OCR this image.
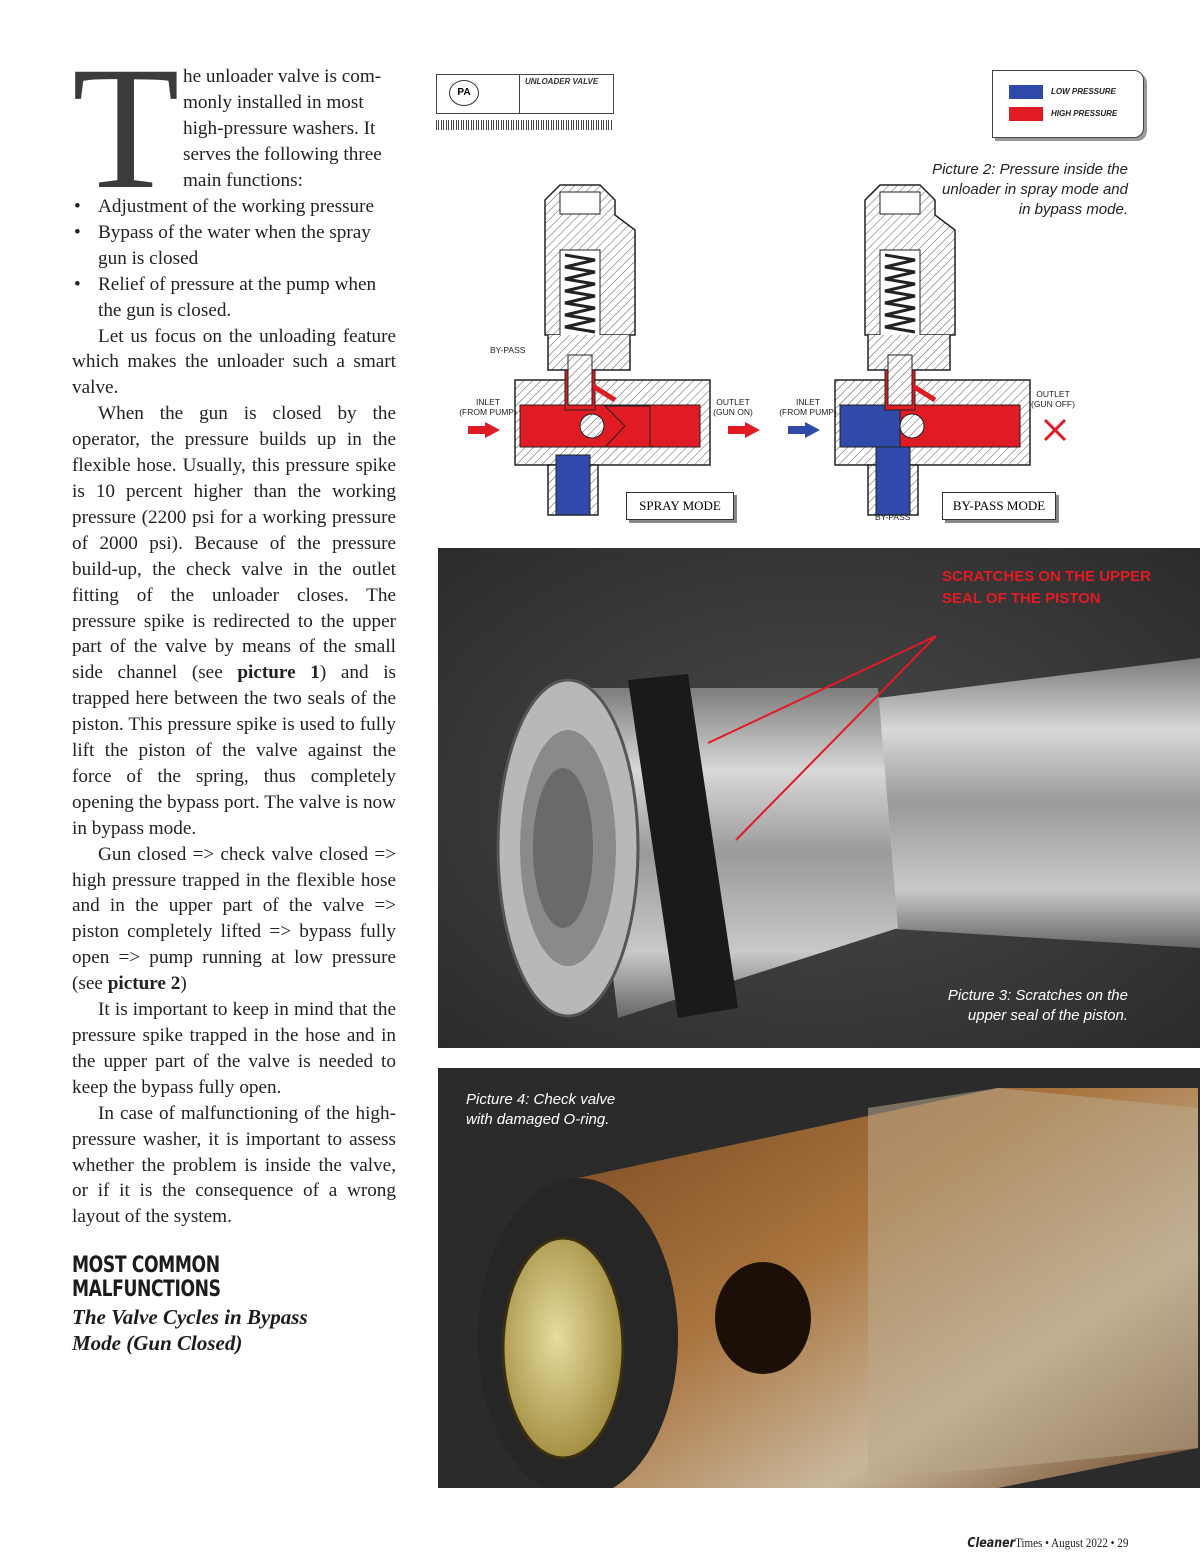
T he unloader valve is com-
monly installed in most
high-pressure washers. It
serves the following three
main functions:
• Adjustment of the working pressure
• Bypass of the water when the spray gun is closed
• Relief of pressure at the pump when the gun is closed.

Let us focus on the unloading feature which makes the unloader such a smart valve.

When the gun is closed by the operator, the pressure builds up in the flexible hose. Usually, this pressure spike is 10 percent higher than the working pressure (2200 psi for a working pressure of 2000 psi). Because of the pressure build-up, the check valve in the outlet fitting of the unloader closes. The pressure spike is redirected to the upper part of the valve by means of the small side channel (see picture 1) and is trapped here between the two seals of the piston. This pressure spike is used to fully lift the piston of the valve against the force of the spring, thus completely opening the bypass port. The valve is now in bypass mode.

Gun closed => check valve closed => high pressure trapped in the flexible hose and in the upper part of the valve => piston completely lifted => bypass fully open => pump running at low pressure (see picture 2)

It is important to keep in mind that the pressure spike trapped in the hose and in the upper part of the valve is needed to keep the bypass fully open.

In case of malfunctioning of the high-pressure washer, it is important to assess whether the problem is inside the valve, or if it is the consequence of a wrong layout of the system.

MOST COMMON
MALFUNCTIONS
The Valve Cycles in Bypass
Mode (Gun Closed)
PA
UNLOADER VALVE
LOW PRESSURE
HIGH PRESSURE
Picture 2: Pressure inside the unloader in spray mode and in bypass mode.
BY-PASS
INLET
(FROM PUMP)
OUTLET
(GUN ON)
SPRAY MODE
BY-PASS
INLET
(FROM PUMP)
OUTLET
(GUN OFF)
BY-PASS MODE
SCRATCHES ON THE UPPER
SEAL OF THE PISTON
Picture 3: Scratches on the
upper seal of the piston.
Picture 4: Check valve
with damaged O-ring.
CleanerTimes • August 2022 • 29
